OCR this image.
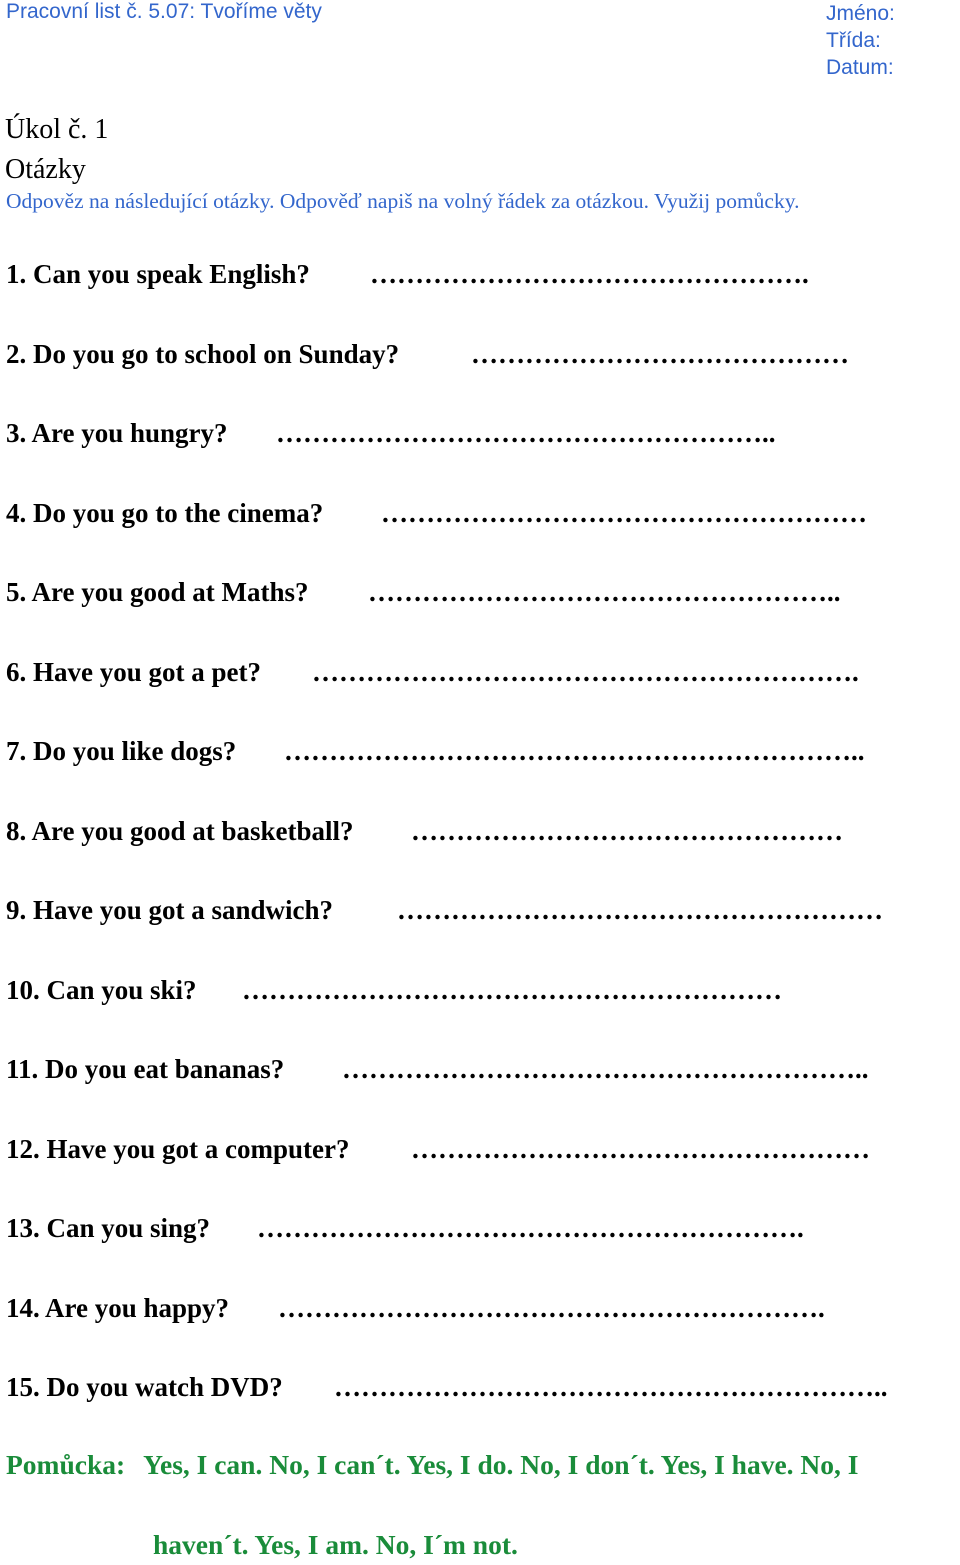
Pracovní list č. 5.07: Tvoříme věty	Jméno:
Třída:
Datum:
Úkol č. 1
Otázky
Odpověz na následující otázky. Odpověď napiš na volný řádek za otázkou. Využij pomůcky.
1. Can you speak English? ………………………………………….
2. Do you go to school on Sunday?	……………………………………
3. Are you hungry? ………………………………………………..
4. Do you go to the cinema? ………………………………………………
5. Are you good at Maths? ……………………………………………..
6. Have you got a pet? …………………………………………………….
7. Do you like dogs? ………………………………………………………..
8. Are you good at basketball? …………………………………………
9. Have you got a sandwich? ………………………………………………
10. Can you ski? ……………………………………………………
11. Do you eat bananas? …………………………………………………..
12. Have you got a computer? ……………………………………………
13. Can you sing? …………………………………………………….
14. Are you happy? …………………………………………………….
15. Do you watch DVD? ……………………………………………………..
Pomůcka: Yes, I can. No, I can´t. Yes, I do. No, I don´t. Yes, I have. No, I
haven´t. Yes, I am. No, I´m not.
